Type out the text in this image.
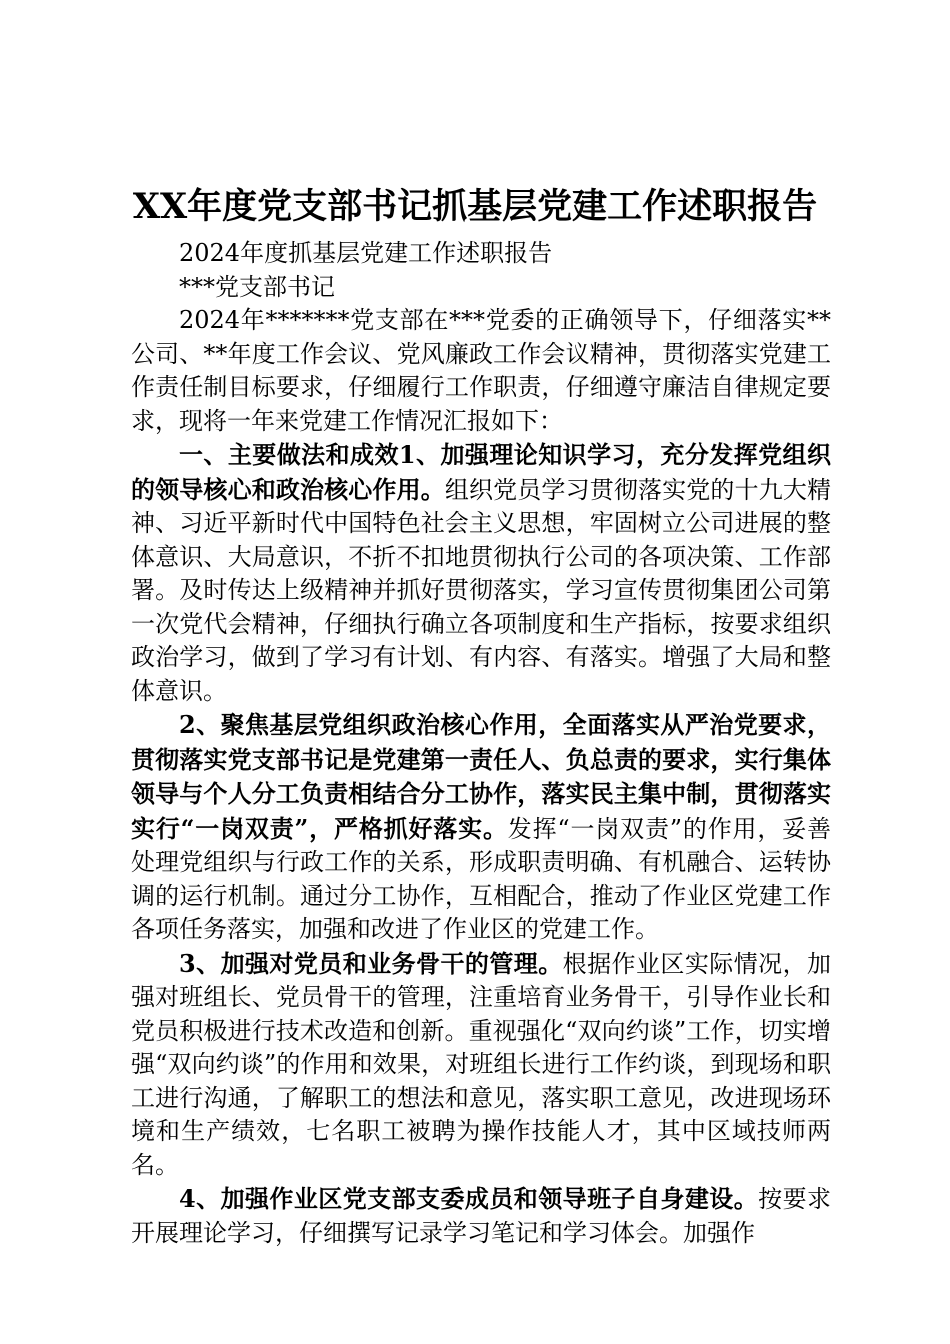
XX年度党支部书记抓基层党建工作述职报告

2024年度抓基层党建工作述职报告

***党支部书记

2024年*******党支部在***党委的正确领导下，仔细落实**公司、**年度工作会议、党风廉政工作会议精神，贯彻落实党建工作责任制目标要求，仔细履行工作职责，仔细遵守廉洁自律规定要求，现将一年来党建工作情况汇报如下：

一、主要做法和成效1、加强理论知识学习，充分发挥党组织的领导核心和政治核心作用。组织党员学习贯彻落实党的十九大精神、习近平新时代中国特色社会主义思想，牢固树立公司进展的整体意识、大局意识，不折不扣地贯彻执行公司的各项决策、工作部署。及时传达上级精神并抓好贯彻落实，学习宣传贯彻集团公司第一次党代会精神，仔细执行确立各项制度和生产指标，按要求组织政治学习，做到了学习有计划、有内容、有落实。增强了大局和整体意识。

2、聚焦基层党组织政治核心作用，全面落实从严治党要求，贯彻落实党支部书记是党建第一责任人、负总责的要求，实行集体领导与个人分工负责相结合分工协作，落实民主集中制，贯彻落实实行“一岗双责”，严格抓好落实。发挥“一岗双责”的作用，妥善处理党组织与行政工作的关系，形成职责明确、有机融合、运转协调的运行机制。通过分工协作，互相配合，推动了作业区党建工作各项任务落实，加强和改进了作业区的党建工作。

3、加强对党员和业务骨干的管理。根据作业区实际情况，加强对班组长、党员骨干的管理，注重培育业务骨干，引导作业长和党员积极进行技术改造和创新。重视强化“双向约谈”工作，切实增强“双向约谈”的作用和效果，对班组长进行工作约谈，到现场和职工进行沟通，了解职工的想法和意见，落实职工意见，改进现场环境和生产绩效，七名职工被聘为操作技能人才，其中区域技师两名。

4、加强作业区党支部支委成员和领导班子自身建设。按要求开展理论学习，仔细撰写记录学习笔记和学习体会。加强作
